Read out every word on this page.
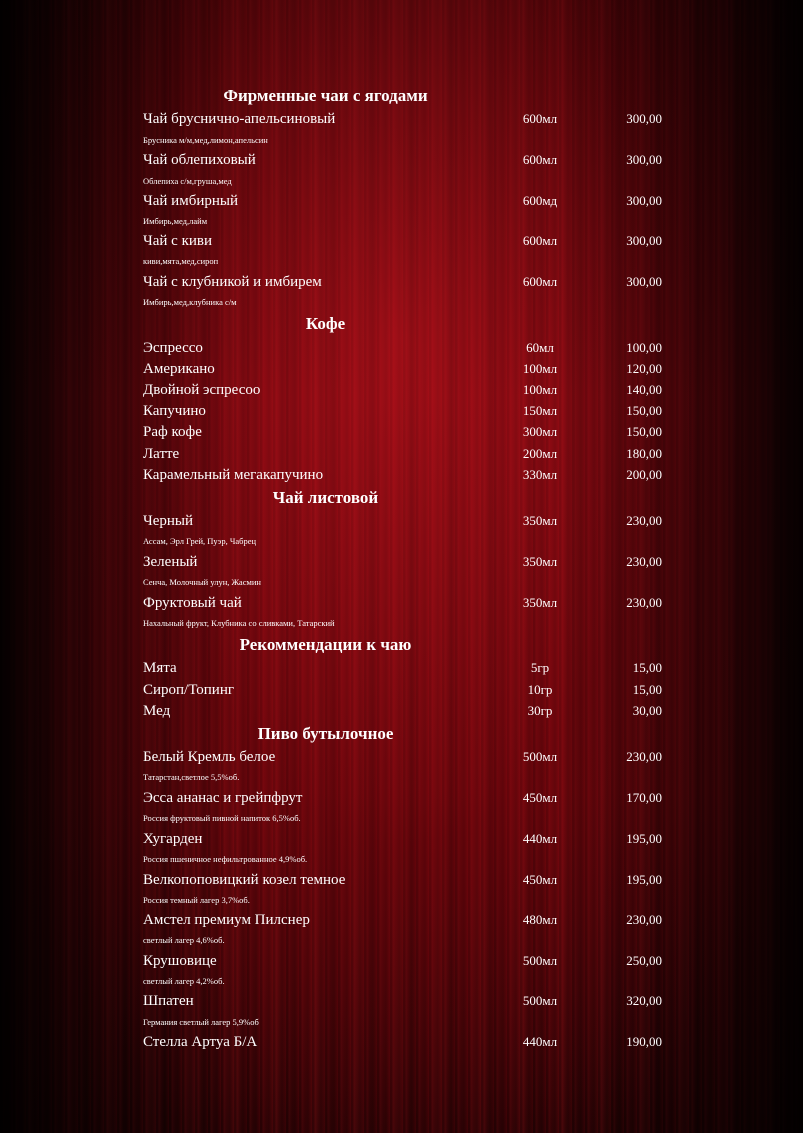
Фирменные чаи с ягодами
Чай бруснично-апельсиновый	600мл	300,00
Брусника м/м,мед,лимон,апельсин
Чай облепиховый	600мл	300,00
Облепиха с/м,груша,мед
Чай имбирный	600мд	300,00
Имбирь,мед,лайм
Чай с киви	600мл	300,00
киви,мята,мед,сироп
Чай с клубникой и имбирем	600мл	300,00
Имбирь,мед,клубника с/м
Кофе
Эспрессо	60мл	100,00
Американо	100мл	120,00
Двойной эспресоо	100мл	140,00
Капучино	150мл	150,00
Раф кофе	300мл	150,00
Латте	200мл	180,00
Карамельный мегакапучино	330мл	200,00
Чай листовой
Черный	350мл	230,00
Ассам, Эрл Грей, Пуэр, Чабрец
Зеленый	350мл	230,00
Сенча, Молочный улун, Жасмин
Фруктовый чай	350мл	230,00
Нахальный фрукт, Клубника со сливками, Татарский
Рекоммендации к чаю
Мята	5гр	15,00
Сироп/Топинг	10гр	15,00
Мед	30гр	30,00
Пиво бутылочное
Белый Кремль белое	500мл	230,00
Татарстан,светлое 5,5%об.
Эсса ананас и грейпфрут	450мл	170,00
Россия фруктовый пивной напиток 6,5%об.
Хугарден	440мл	195,00
Россия пшеничное нефильтрованное 4,9%об.
Велкопоповицкий козел темное	450мл	195,00
Россия темный лагер 3,7%об.
Амстел премиум Пилснер	480мл	230,00
светлый лагер 4,6%об.
Крушовице	500мл	250,00
светлый лагер 4,2%об.
Шпатен	500мл	320,00
Германия светлый лагер 5,9%об
Стелла Артуа Б/А	440мл	190,00
